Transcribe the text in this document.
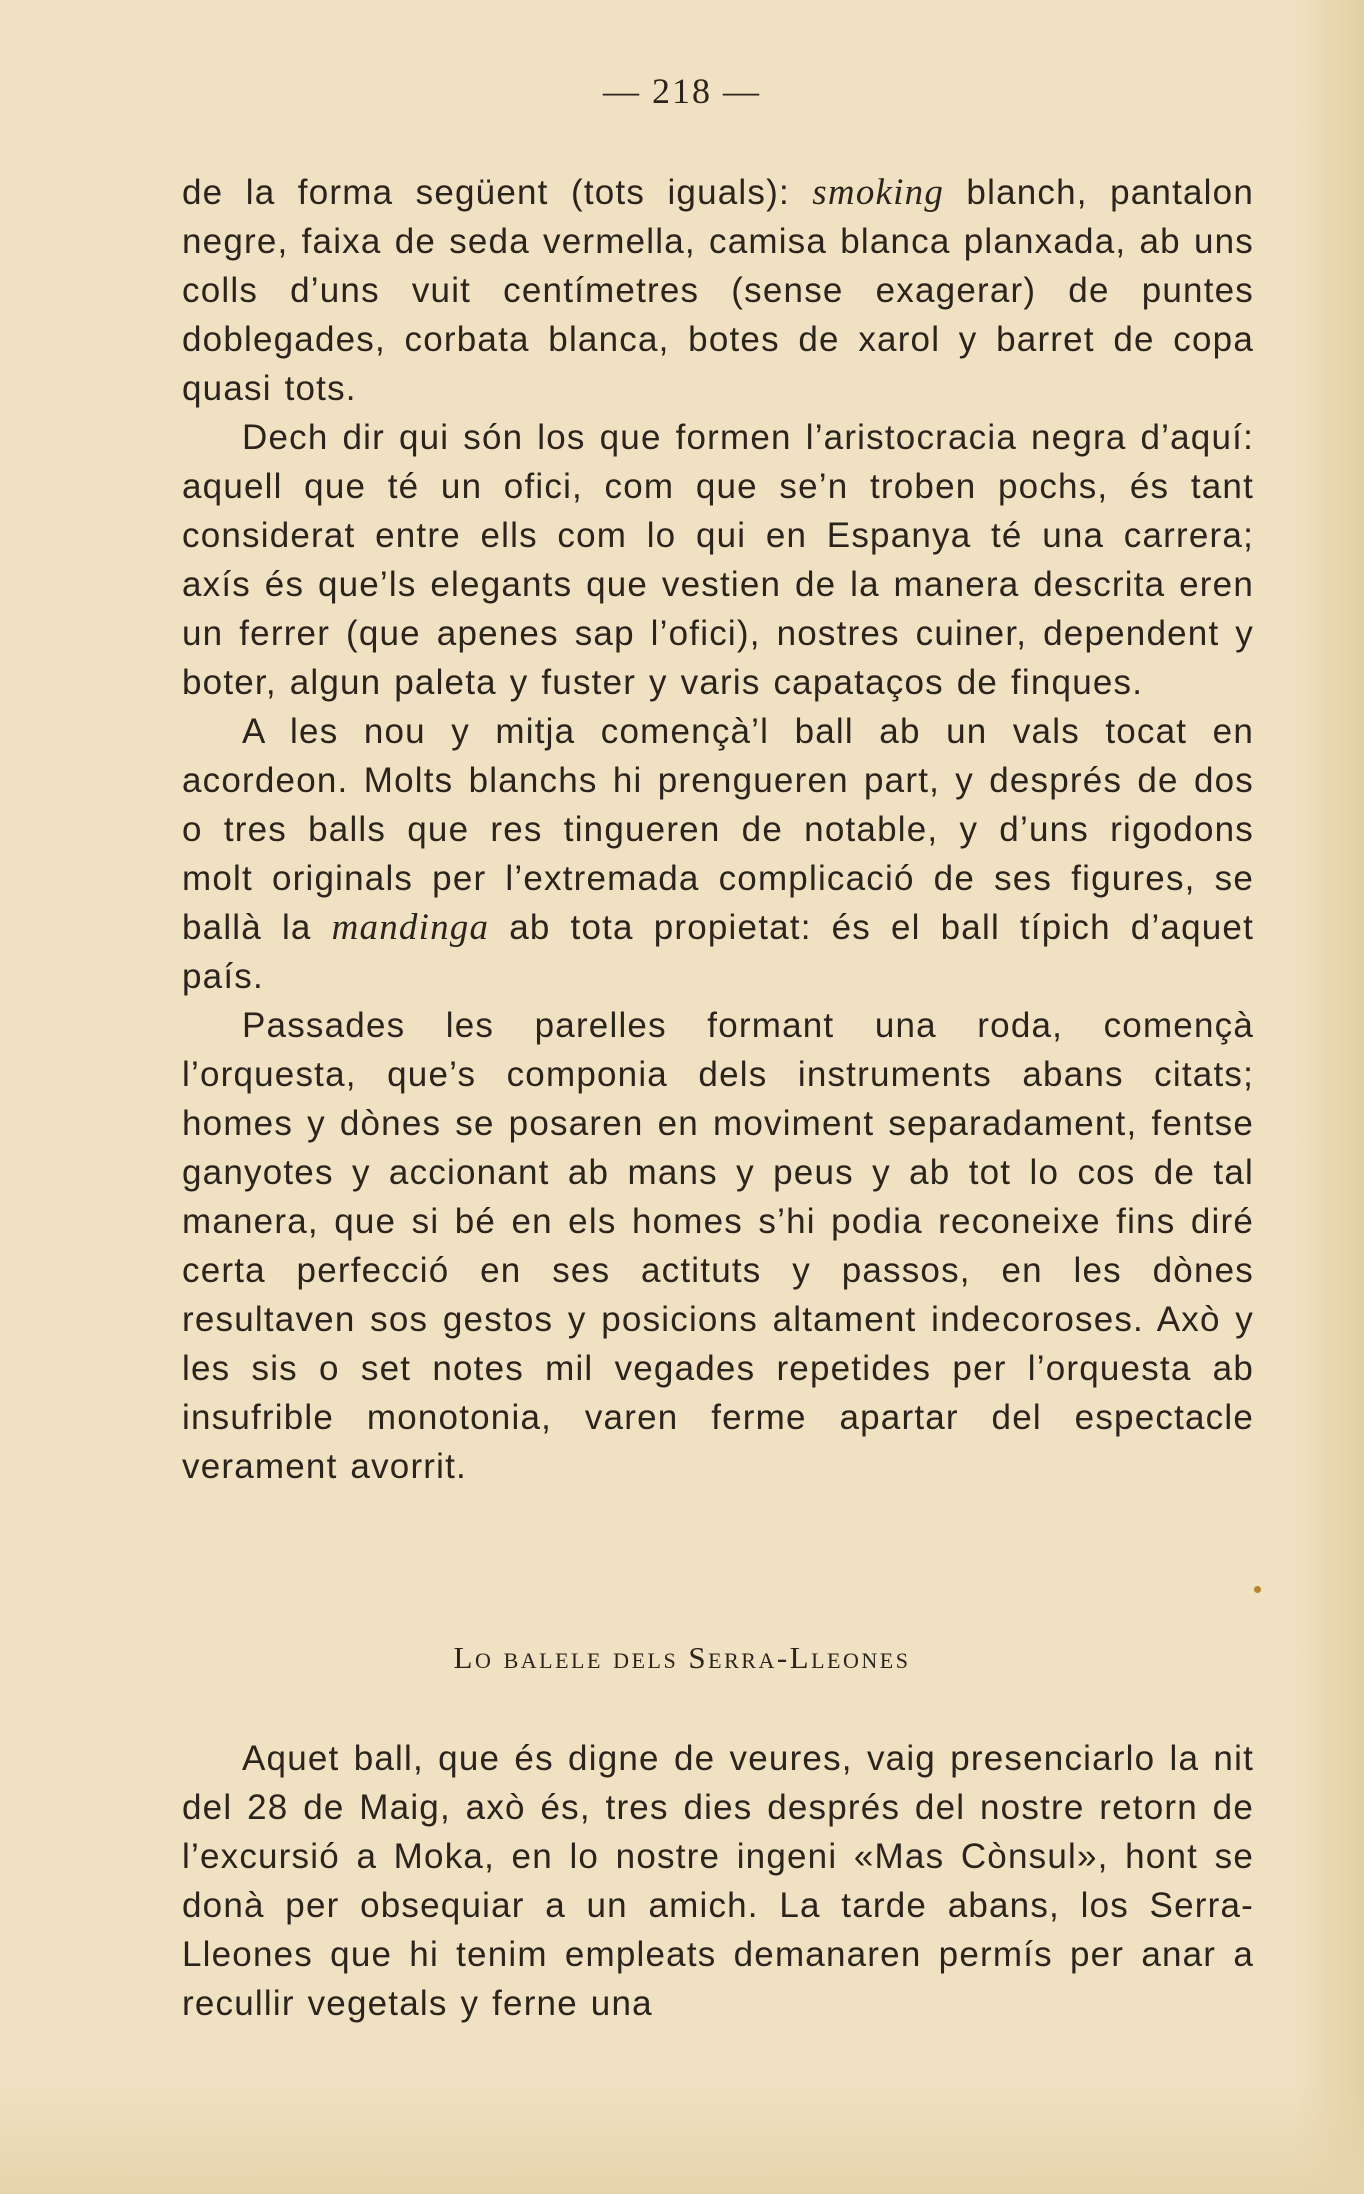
— 218 —

de la forma següent (tots iguals): smoking blanch, pantalon negre, faixa de seda vermella, camisa blanca planxada, ab uns colls d’uns vuit centímetres (sense exagerar) de puntes doblegades, corbata blanca, botes de xarol y barret de copa quasi tots.

Dech dir qui són los que formen l’aristocracia negra d’aquí: aquell que té un ofici, com que se’n troben pochs, és tant considerat entre ells com lo qui en Espanya té una carrera; axís és que’ls elegants que vestien de la manera descrita eren un ferrer (que apenes sap l’ofici), nostres cuiner, dependent y boter, algun paleta y fuster y varis capataços de finques.

A les nou y mitja començà’l ball ab un vals tocat en acordeon. Molts blanchs hi prengueren part, y després de dos o tres balls que res tingueren de notable, y d’uns rigodons molt originals per l’extremada complicació de ses figures, se ballà la mandinga ab tota propietat: és el ball típich d’aquet país.

Passades les parelles formant una roda, començà l’orquesta, que’s componia dels instruments abans citats; homes y dònes se posaren en moviment separadament, fentse ganyotes y accionant ab mans y peus y ab tot lo cos de tal manera, que si bé en els homes s’hi podia reconeixe fins diré certa perfecció en ses actituts y passos, en les dònes resultaven sos gestos y posicions altament indecoroses. Axò y les sis o set notes mil vegades repetides per l’orquesta ab insufrible monotonia, varen ferme apartar del espectacle verament avorrit.

Lo balele dels Serra-Lleones

Aquet ball, que és digne de veures, vaig presenciarlo la nit del 28 de Maig, axò és, tres dies després del nostre retorn de l’excursió a Moka, en lo nostre ingeni «Mas Cònsul», hont se donà per obsequiar a un amich. La tarde abans, los Serra-Lleones que hi tenim empleats demanaren permís per anar a recullir vegetals y ferne una
